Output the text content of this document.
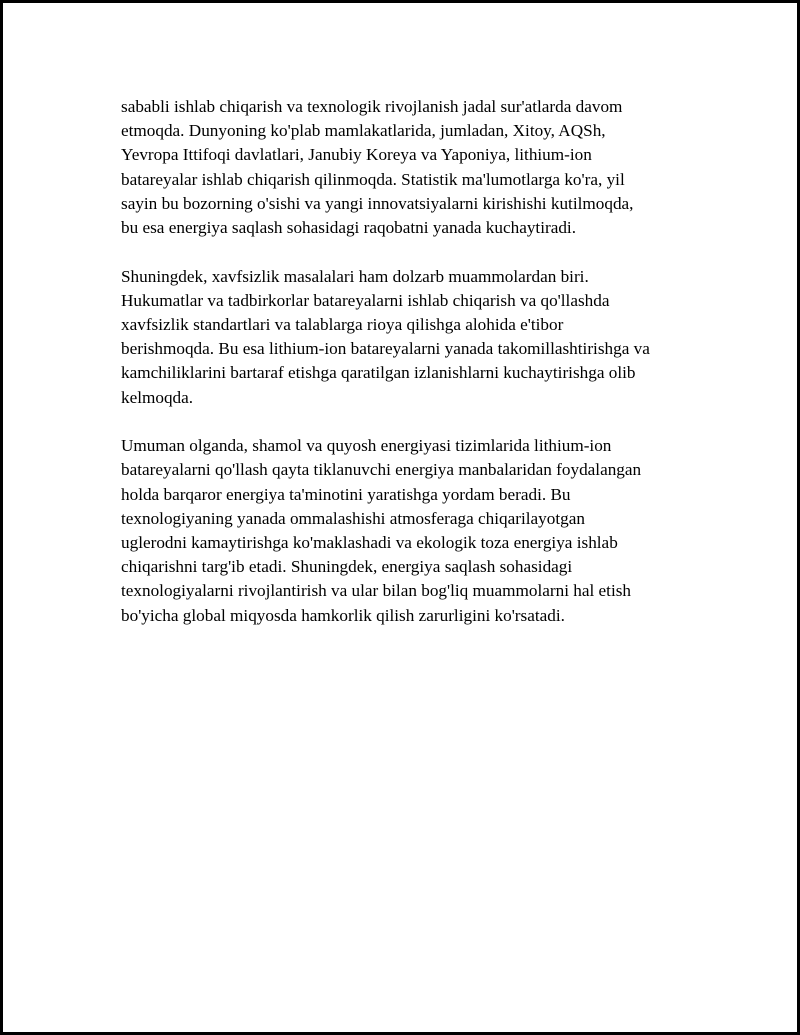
sababli ishlab chiqarish va texnologik rivojlanish jadal sur'atlarda davom
etmoqda. Dunyoning ko'plab mamlakatlarida, jumladan, Xitoy, AQSh,
Yevropa Ittifoqi davlatlari, Janubiy Koreya va Yaponiya, lithium-ion
batareyalar ishlab chiqarish qilinmoqda. Statistik ma'lumotlarga ko'ra, yil
sayin bu bozorning o'sishi va yangi innovatsiyalarni kirishishi kutilmoqda,
bu esa energiya saqlash sohasidagi raqobatni yanada kuchaytiradi.

Shuningdek, xavfsizlik masalalari ham dolzarb muammolardan biri.
Hukumatlar va tadbirkorlar batareyalarni ishlab chiqarish va qo'llashda
xavfsizlik standartlari va talablarga rioya qilishga alohida e'tibor
berishmoqda. Bu esa lithium-ion batareyalarni yanada takomillashtirishga va
kamchiliklarini bartaraf etishga qaratilgan izlanishlarni kuchaytirishga olib
kelmoqda.

Umuman olganda, shamol va quyosh energiyasi tizimlarida lithium-ion
batareyalarni qo'llash qayta tiklanuvchi energiya manbalaridan foydalangan
holda barqaror energiya ta'minotini yaratishga yordam beradi. Bu
texnologiyaning yanada ommalashishi atmosferaga chiqarilayotgan
uglerodni kamaytirishga ko'maklashadi va ekologik toza energiya ishlab
chiqarishni targ'ib etadi. Shuningdek, energiya saqlash sohasidagi
texnologiyalarni rivojlantirish va ular bilan bog'liq muammolarni hal etish
bo'yicha global miqyosda hamkorlik qilish zarurligini ko'rsatadi.
